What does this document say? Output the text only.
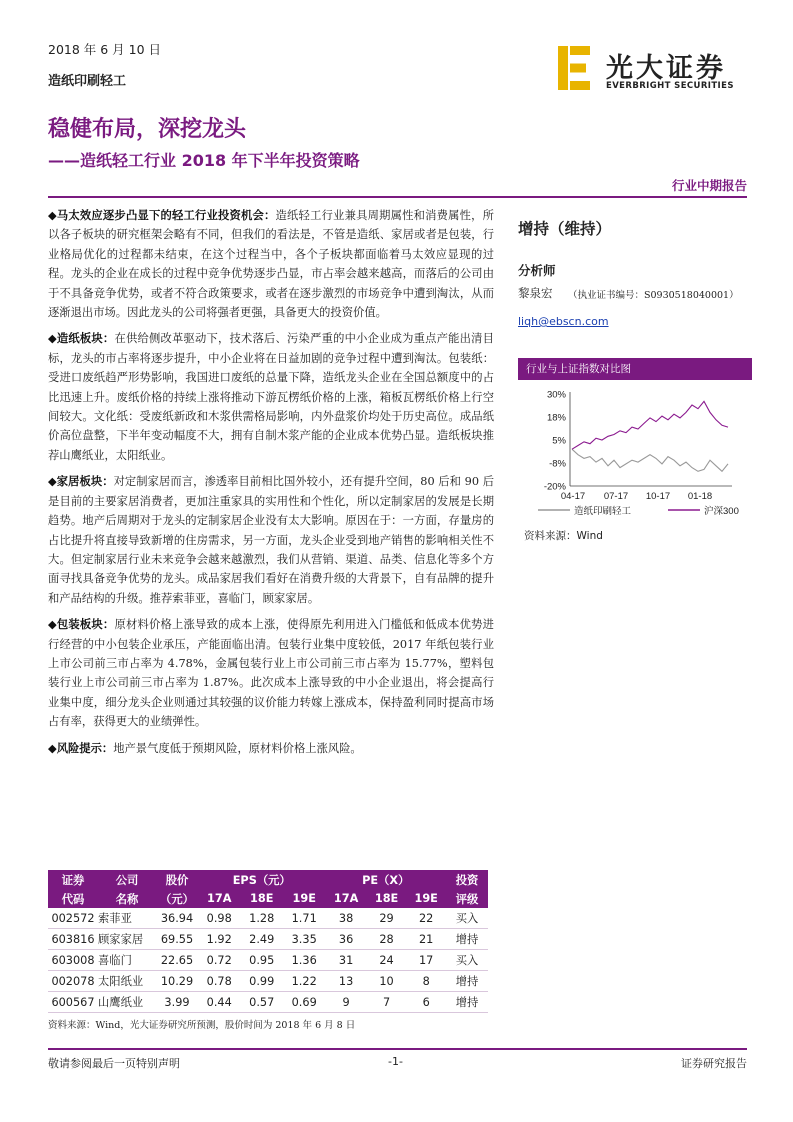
2018 年 6 月 10 日
造纸印刷轻工	光大证券
EVERBRIGHT SECURITIES
稳健布局，深挖龙头
——造纸轻工行业 2018 年下半年投资策略
行业中期报告

◆马太效应逐步凸显下的轻工行业投资机会：造纸轻工行业兼具周期属性和消费属性，所以各子板块的研究框架会略有不同，但我们的看法是，不管是造纸、家居或者是包装，行业格局优化的过程都未结束，在这个过程当中，各个子板块都面临着马太效应显现的过程。龙头的企业在成长的过程中竞争优势逐步凸显，市占率会越来越高，而落后的公司由于不具备竞争优势，或者不符合政策要求，或者在逐步激烈的市场竞争中遭到淘汰，从而逐渐退出市场。因此龙头的公司将强者更强，具备更大的投资价值。

◆造纸板块：在供给侧改革驱动下，技术落后、污染严重的中小企业成为重点产能出清目标，龙头的市占率将逐步提升，中小企业将在日益加剧的竞争过程中遭到淘汰。包装纸：受进口废纸趋严形势影响，我国进口废纸的总量下降，造纸龙头企业在全国总额度中的占比迅速上升。废纸价格的持续上涨将推动下游瓦楞纸价格的上涨，箱板瓦楞纸价格上行空间较大。文化纸：受废纸新政和木浆供需格局影响，内外盘浆价均处于历史高位。成品纸价高位盘整，下半年变动幅度不大，拥有自制木浆产能的企业成本优势凸显。造纸板块推荐山鹰纸业，太阳纸业。

◆家居板块：对定制家居而言，渗透率目前相比国外较小，还有提升空间，80 后和 90 后是目前的主要家居消费者，更加注重家具的实用性和个性化，所以定制家居的发展是长期趋势。地产后周期对于龙头的定制家居企业没有太大影响。原因在于：一方面，存量房的占比提升将直接导致新增的住房需求，另一方面，龙头企业受到地产销售的影响相关性不大。但定制家居行业未来竞争会越来越激烈，我们从营销、渠道、品类、信息化等多个方面寻找具备竞争优势的龙头。成品家居我们看好在消费升级的大背景下，自有品牌的提升和产品结构的升级。推荐索菲亚，喜临门，顾家家居。

◆包装板块：原材料价格上涨导致的成本上涨，使得原先利用进入门槛低和低成本优势进行经营的中小包装企业承压，产能面临出清。包装行业集中度较低，2017 年纸包装行业上市公司前三市占率为 4.78%，金属包装行业上市公司前三市占率为 15.77%，塑料包装行业上市公司前三市占率为 1.87%。此次成本上涨导致的中小企业退出，将会提高行业集中度，细分龙头企业则通过其较强的议价能力转嫁上涨成本，保持盈利同时提高市场占有率，获得更大的业绩弹性。

◆风险提示：地产景气度低于预期风险，原材料价格上涨风险。

增持（维持）
分析师
黎泉宏 （执业证书编号：S0930518040001）
liqh@ebscn.com
行业与上证指数对比图
30%
18%
5%
-8%
-20%
04-17 07-17 10-17 01-18
造纸印刷轻工	沪深300
资料来源：Wind
证券	公司	股价	EPS（元）			PE（X）			投资
代码	名称	（元）	17A	18E	19E	17A	18E	19E	评级
002572	索菲亚	36.94	0.98	1.28	1.71	38	29	22	买入
603816	顾家家居	69.55	1.92	2.49	3.35	36	28	21	增持
603008	喜临门	22.65	0.72	0.95	1.36	31	24	17	买入
002078	太阳纸业	10.29	0.78	0.99	1.22	13	10	8	增持
600567	山鹰纸业	3.99	0.44	0.57	0.69	9	7	6	增持
资料来源：Wind，光大证券研究所预测，股价时间为 2018 年 6 月 8 日
敬请参阅最后一页特别声明	-1-	证券研究报告
